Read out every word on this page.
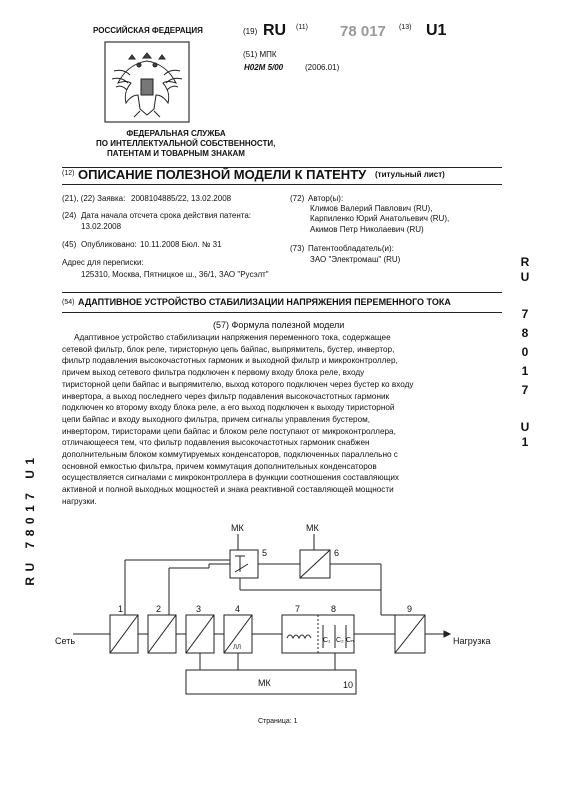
РОССИЙСКАЯ ФЕДЕРАЦИЯ
ФЕДЕРАЛЬНАЯ СЛУЖБА
ПО ИНТЕЛЛЕКТУАЛЬНОЙ СОБСТВЕННОСТИ,
ПАТЕНТАМ И ТОВАРНЫМ ЗНАКАМ
(19) RU (11) 78 017 (13) U1
(51) МПК
H02M 5/00	(2006.01)
(12) ОПИСАНИЕ ПОЛЕЗНОЙ МОДЕЛИ К ПАТЕНТУ (титульный лист)
(21), (22) Заявка: 2008104885/22, 13.02.2008
(24) Дата начала отсчета срока действия патента:
13.02.2008
(45) Опубликовано: 10.11.2008 Бюл. № 31
Адрес для переписки:
125310, Москва, Пятницкое ш., 36/1, ЗАО "Русэлт"
(72) Автор(ы):
Климов Валерий Павлович (RU),
Карпиленко Юрий Анатольевич (RU),
Акимов Петр Николаевич (RU)
(73) Патентообладатель(и):
ЗАО "Электромаш" (RU)
(54) АДАПТИВНОЕ УСТРОЙСТВО СТАБИЛИЗАЦИИ НАПРЯЖЕНИЯ ПЕРЕМЕННОГО ТОКА
(57) Формула полезной модели

Адаптивное устройство стабилизации напряжения переменного тока, содержащее

сетевой фильтр, блок реле, тиристорную цепь байпас, выпрямитель, бустер, инвертор,

фильтр подавления высокочастотных гармоник и выходной фильтр и микроконтроллер,

причем выход сетевого фильтра подключен к первому входу блока реле, входу

тиристорной цепи байпас и выпрямителю, выход которого подключен через бустер ко входу

инвертора, а выход последнего через фильтр подавления высокочастотных гармоник

подключен ко второму входу блока реле, а его выход подключен к выходу тиристорной

цепи байпас и входу выходного фильтра, причем сигналы управления бустером,

инвертором, тиристорами цепи байпас и блоком реле поступают от микроконтроллера,

отличающееся тем, что фильтр подавления высокочастотных гармоник снабжен

дополнительным блоком коммутируемых конденсаторов, подключенных параллельно с

основной емкостью фильтра, причем коммутация дополнительных конденсаторов

осуществляется сигналами с микроконтроллера в функции соотношения составляющих

активной и полной выходных мощностей и знака реактивной составляющей мощности

нагрузки.

R
U
7
8
0
1
7
U
1
RU 78017 U1	МК	МК
5	6
1	2	3	4	7	8	9
10
Сеть	Нагрузка
МК
C₁ C₂ Cₙ
ЛЛ
Страница: 1
